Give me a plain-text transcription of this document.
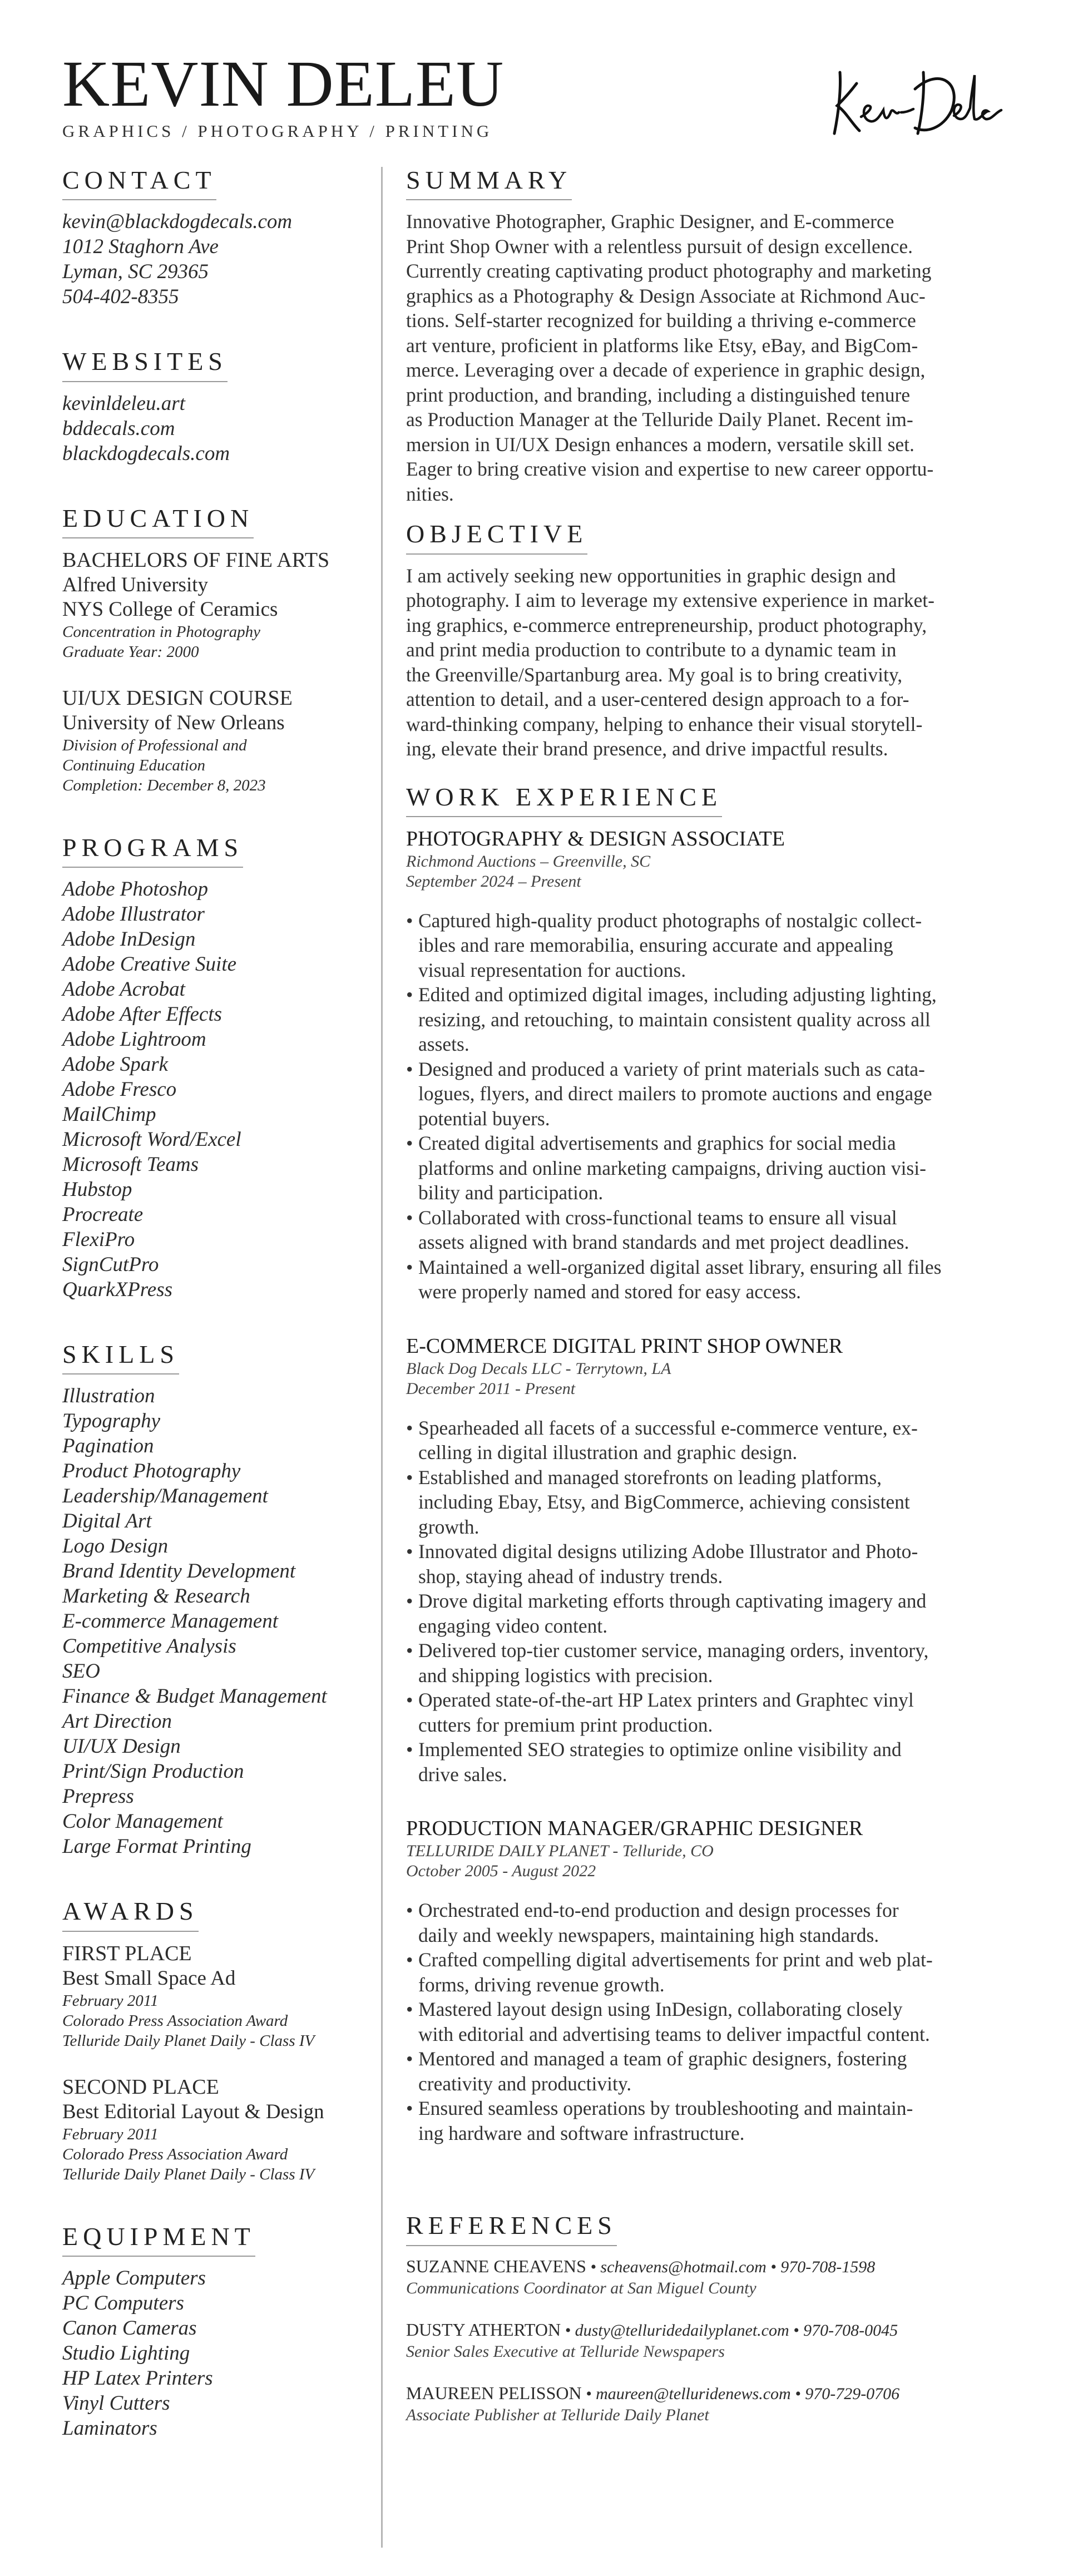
KEVIN DELEU
GRAPHICS / PHOTOGRAPHY / PRINTING
CONTACT
kevin@blackdogdecals.com
1012 Staghorn Ave
Lyman, SC 29365
504-402-8355
WEBSITES
kevinldeleu.art
bddecals.com
blackdogdecals.com
EDUCATION
BACHELORS OF FINE ARTS
Alfred University
NYS College of Ceramics
Concentration in Photography
Graduate Year: 2000
UI/UX DESIGN COURSE
University of New Orleans
Division of Professional and
Continuing Education
Completion: December 8, 2023
PROGRAMS
Adobe Photoshop
Adobe Illustrator
Adobe InDesign
Adobe Creative Suite
Adobe Acrobat
Adobe After Effects
Adobe Lightroom
Adobe Spark
Adobe Fresco
MailChimp
Microsoft Word/Excel
Microsoft Teams
Hubstop
Procreate
FlexiPro
SignCutPro
QuarkXPress
SKILLS
Illustration
Typography
Pagination
Product Photography
Leadership/Management
Digital Art
Logo Design
Brand Identity Development
Marketing & Research
E-commerce Management
Competitive Analysis
SEO
Finance & Budget Management
Art Direction
UI/UX Design
Print/Sign Production
Prepress
Color Management
Large Format Printing
AWARDS
FIRST PLACE
Best Small Space Ad
February 2011
Colorado Press Association Award
Telluride Daily Planet Daily - Class IV
SECOND PLACE
Best Editorial Layout & Design
February 2011
Colorado Press Association Award
Telluride Daily Planet Daily - Class IV
EQUIPMENT
Apple Computers
PC Computers
Canon Cameras
Studio Lighting
HP Latex Printers
Vinyl Cutters
Laminators
SUMMARY
Innovative Photographer, Graphic Designer, and E-commerce
Print Shop Owner with a relentless pursuit of design excellence.
Currently creating captivating product photography and marketing
graphics as a Photography & Design Associate at Richmond Auc-
tions. Self-starter recognized for building a thriving e-commerce
art venture, proficient in platforms like Etsy, eBay, and BigCom-
merce. Leveraging over a decade of experience in graphic design,
print production, and branding, including a distinguished tenure
as Production Manager at the Telluride Daily Planet. Recent im-
mersion in UI/UX Design enhances a modern, versatile skill set.
Eager to bring creative vision and expertise to new career opportu-
nities.
OBJECTIVE
I am actively seeking new opportunities in graphic design and
photography. I aim to leverage my extensive experience in market-
ing graphics, e-commerce entrepreneurship, product photography,
and print media production to contribute to a dynamic team in
the Greenville/Spartanburg area. My goal is to bring creativity,
attention to detail, and a user-centered design approach to a for-
ward-thinking company, helping to enhance their visual storytell-
ing, elevate their brand presence, and drive impactful results.
WORK EXPERIENCE
PHOTOGRAPHY & DESIGN ASSOCIATE
Richmond Auctions – Greenville, SC
September 2024 – Present
• Captured high-quality product photographs of nostalgic collect-
ibles and rare memorabilia, ensuring accurate and appealing
visual representation for auctions.
• Edited and optimized digital images, including adjusting lighting,
resizing, and retouching, to maintain consistent quality across all
assets.
• Designed and produced a variety of print materials such as cata-
logues, flyers, and direct mailers to promote auctions and engage
potential buyers.
• Created digital advertisements and graphics for social media
platforms and online marketing campaigns, driving auction visi-
bility and participation.
• Collaborated with cross-functional teams to ensure all visual
assets aligned with brand standards and met project deadlines.
• Maintained a well-organized digital asset library, ensuring all files
were properly named and stored for easy access.
E-COMMERCE DIGITAL PRINT SHOP OWNER
Black Dog Decals LLC - Terrytown, LA
December 2011 - Present
• Spearheaded all facets of a successful e-commerce venture, ex-
celling in digital illustration and graphic design.
• Established and managed storefronts on leading platforms,
including Ebay, Etsy, and BigCommerce, achieving consistent
growth.
• Innovated digital designs utilizing Adobe Illustrator and Photo-
shop, staying ahead of industry trends.
• Drove digital marketing efforts through captivating imagery and
engaging video content.
• Delivered top-tier customer service, managing orders, inventory,
and shipping logistics with precision.
• Operated state-of-the-art HP Latex printers and Graphtec vinyl
cutters for premium print production.
• Implemented SEO strategies to optimize online visibility and
drive sales.
PRODUCTION MANAGER/GRAPHIC DESIGNER
TELLURIDE DAILY PLANET - Telluride, CO
October 2005 - August 2022
• Orchestrated end-to-end production and design processes for
daily and weekly newspapers, maintaining high standards.
• Crafted compelling digital advertisements for print and web plat-
forms, driving revenue growth.
• Mastered layout design using InDesign, collaborating closely
with editorial and advertising teams to deliver impactful content.
• Mentored and managed a team of graphic designers, fostering
creativity and productivity.
• Ensured seamless operations by troubleshooting and maintain-
ing hardware and software infrastructure.
REFERENCES
SUZANNE CHEAVENS • scheavens@hotmail.com • 970-708-1598
Communications Coordinator at San Miguel County
DUSTY ATHERTON • dusty@telluridedailyplanet.com • 970-708-0045
Senior Sales Executive at Telluride Newspapers
MAUREEN PELISSON • maureen@telluridenews.com • 970-729-0706
Associate Publisher at Telluride Daily Planet
